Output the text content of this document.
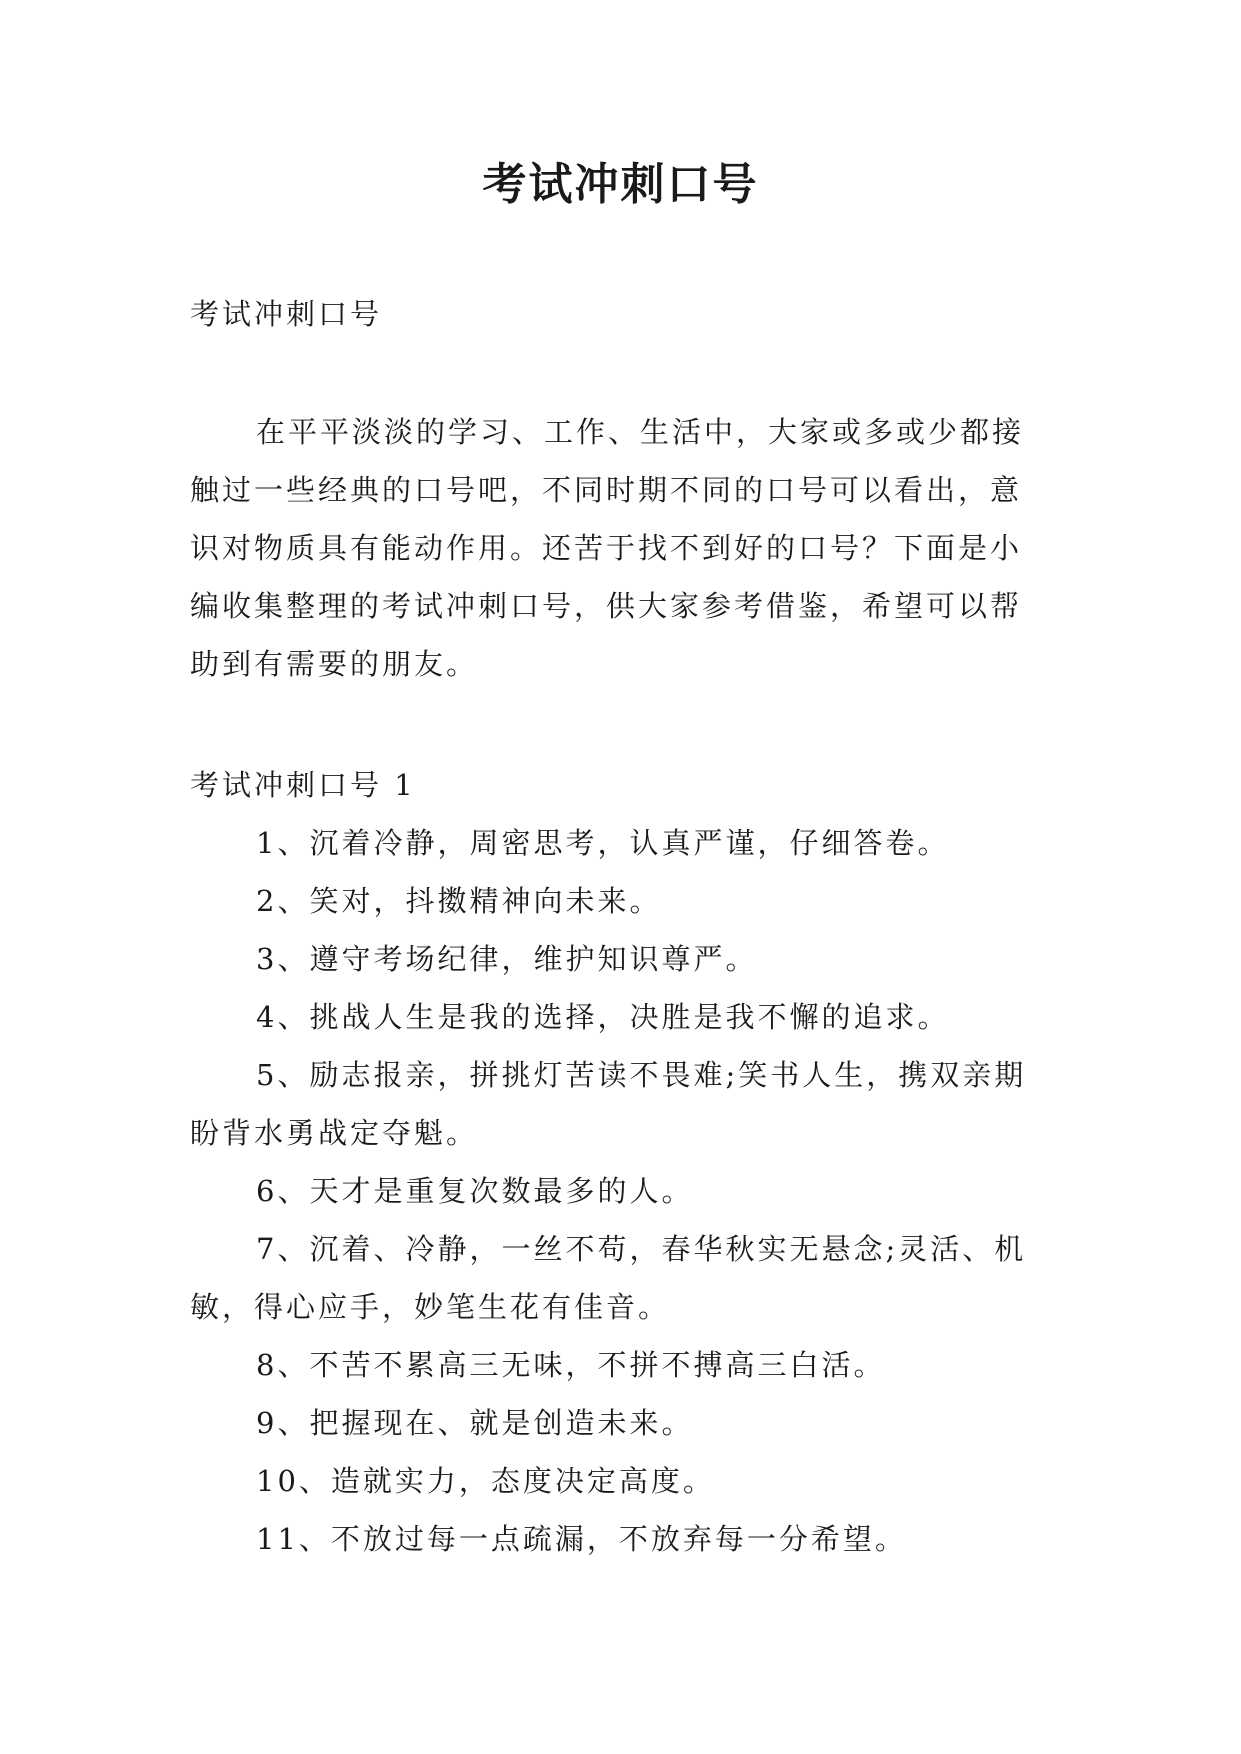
考试冲刺口号

考试冲刺口号

在平平淡淡的学习、工作、生活中，大家或多或少都接触过一些经典的口号吧，不同时期不同的口号可以看出，意识对物质具有能动作用。还苦于找不到好的口号？下面是小编收集整理的考试冲刺口号，供大家参考借鉴，希望可以帮助到有需要的朋友。

考试冲刺口号 1

1、沉着冷静，周密思考，认真严谨，仔细答卷。
2、笑对，抖擞精神向未来。
3、遵守考场纪律，维护知识尊严。
4、挑战人生是我的选择，决胜是我不懈的追求。
5、励志报亲，拼挑灯苦读不畏难;笑书人生，携双亲期盼背水勇战定夺魁。
6、天才是重复次数最多的人。
7、沉着、冷静，一丝不苟，春华秋实无悬念;灵活、机敏，得心应手，妙笔生花有佳音。
8、不苦不累高三无味，不拼不搏高三白活。
9、把握现在、就是创造未来。
10、造就实力，态度决定高度。
11、不放过每一点疏漏，不放弃每一分希望。
